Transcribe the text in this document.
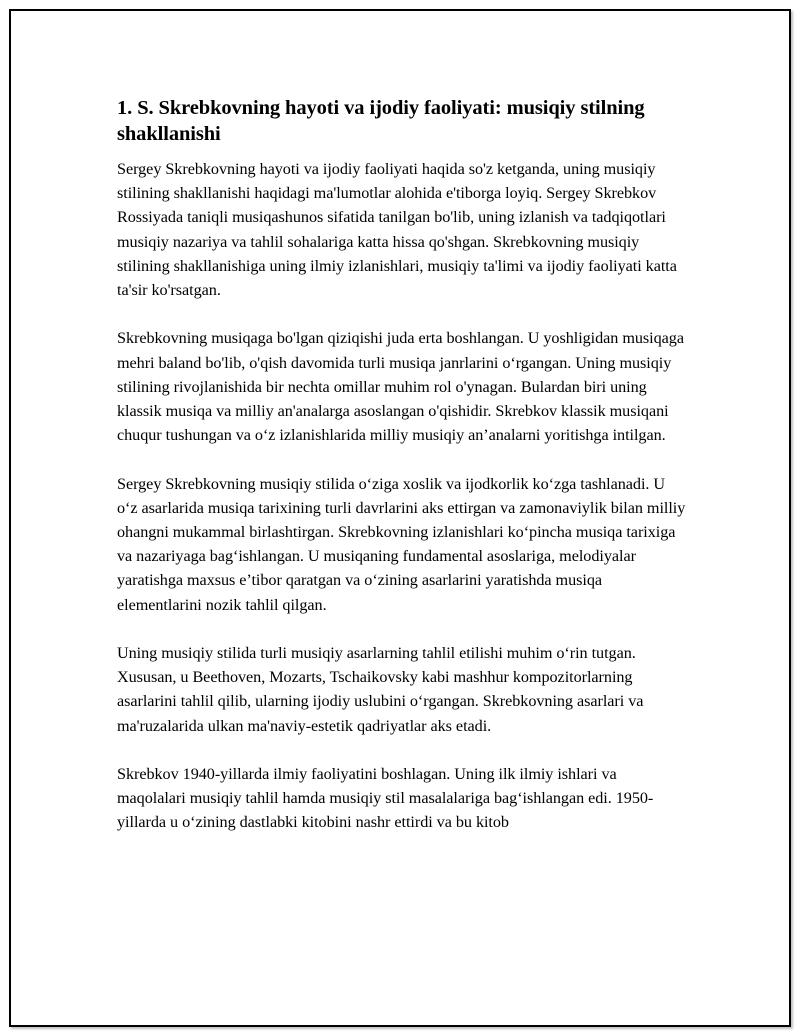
1. S. Skrebkovning hayoti va ijodiy faoliyati: musiqiy stilning shakllanishi

Sergey Skrebkovning hayoti va ijodiy faoliyati haqida so'z ketganda, uning musiqiy stilining shakllanishi haqidagi ma'lumotlar alohida e'tiborga loyiq. Sergey Skrebkov Rossiyada taniqli musiqashunos sifatida tanilgan bo'lib, uning izlanish va tadqiqotlari musiqiy nazariya va tahlil sohalariga katta hissa qo'shgan. Skrebkovning musiqiy stilining shakllanishiga uning ilmiy izlanishlari, musiqiy ta'limi va ijodiy faoliyati katta ta'sir ko'rsatgan.

Skrebkovning musiqaga bo'lgan qiziqishi juda erta boshlangan. U yoshligidan musiqaga mehri baland bo'lib, o'qish davomida turli musiqa janrlarini o‘rgangan. Uning musiqiy stilining rivojlanishida bir nechta omillar muhim rol o'ynagan. Bulardan biri uning klassik musiqa va milliy an'analarga asoslangan o'qishidir. Skrebkov klassik musiqani chuqur tushungan va o‘z izlanishlarida milliy musiqiy an’analarni yoritishga intilgan.

Sergey Skrebkovning musiqiy stilida o‘ziga xoslik va ijodkorlik ko‘zga tashlanadi. U o‘z asarlarida musiqa tarixining turli davrlarini aks ettirgan va zamonaviylik bilan milliy ohangni mukammal birlashtirgan. Skrebkovning izlanishlari ko‘pincha musiqa tarixiga va nazariyaga bag‘ishlangan. U musiqaning fundamental asoslariga, melodiyalar yaratishga maxsus e’tibor qaratgan va o‘zining asarlarini yaratishda musiqa elementlarini nozik tahlil qilgan.

Uning musiqiy stilida turli musiqiy asarlarning tahlil etilishi muhim o‘rin tutgan. Xususan, u Beethoven, Mozarts, Tschaikovsky kabi mashhur kompozitorlarning asarlarini tahlil qilib, ularning ijodiy uslubini o‘rgangan. Skrebkovning asarlari va ma'ruzalarida ulkan ma'naviy-estetik qadriyatlar aks etadi.

Skrebkov 1940-yillarda ilmiy faoliyatini boshlagan. Uning ilk ilmiy ishlari va maqolalari musiqiy tahlil hamda musiqiy stil masalalariga bag‘ishlangan edi. 1950-yillarda u o‘zining dastlabki kitobini nashr ettirdi va bu kitob
